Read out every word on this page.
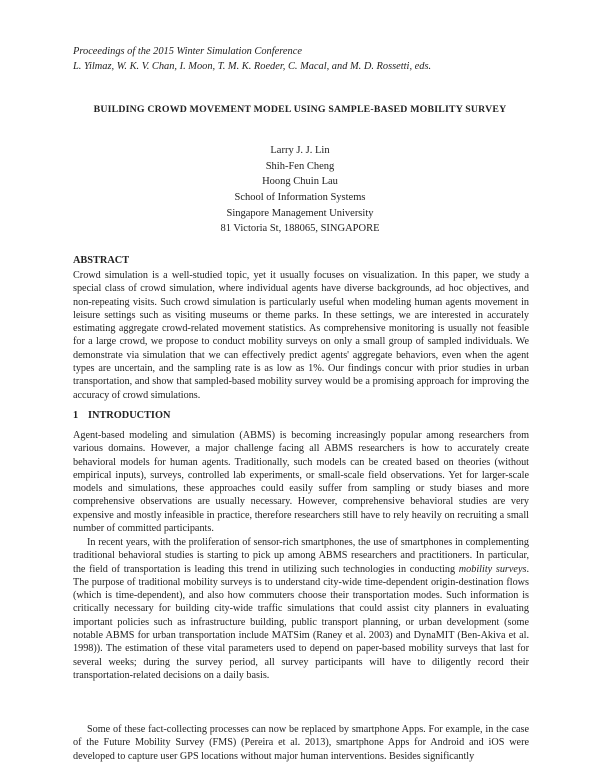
Proceedings of the 2015 Winter Simulation Conference
L. Yilmaz, W. K. V. Chan, I. Moon, T. M. K. Roeder, C. Macal, and M. D. Rossetti, eds.
BUILDING CROWD MOVEMENT MODEL USING SAMPLE-BASED MOBILITY SURVEY
Larry J. J. Lin
Shih-Fen Cheng
Hoong Chuin Lau
School of Information Systems
Singapore Management University
81 Victoria St, 188065, SINGAPORE
ABSTRACT

Crowd simulation is a well-studied topic, yet it usually focuses on visualization. In this paper, we study a special class of crowd simulation, where individual agents have diverse backgrounds, ad hoc objectives, and non-repeating visits. Such crowd simulation is particularly useful when modeling human agents movement in leisure settings such as visiting museums or theme parks. In these settings, we are interested in accurately estimating aggregate crowd-related movement statistics. As comprehensive monitoring is usually not feasible for a large crowd, we propose to conduct mobility surveys on only a small group of sampled individuals. We demonstrate via simulation that we can effectively predict agents' aggregate behaviors, even when the agent types are uncertain, and the sampling rate is as low as 1%. Our findings concur with prior studies in urban transportation, and show that sampled-based mobility survey would be a promising approach for improving the accuracy of crowd simulations.

1 INTRODUCTION

Agent-based modeling and simulation (ABMS) is becoming increasingly popular among researchers from various domains. However, a major challenge facing all ABMS researchers is how to accurately create behavioral models for human agents. Traditionally, such models can be created based on theories (without empirical inputs), surveys, controlled lab experiments, or small-scale field observations. Yet for larger-scale models and simulations, these approaches could easily suffer from sampling or study biases and more comprehensive observations are usually necessary. However, comprehensive behavioral studies are very expensive and mostly infeasible in practice, therefore researchers still have to rely heavily on recruiting a small number of committed participants.

In recent years, with the proliferation of sensor-rich smartphones, the use of smartphones in complementing traditional behavioral studies is starting to pick up among ABMS researchers and practitioners. In particular, the field of transportation is leading this trend in utilizing such technologies in conducting mobility surveys. The purpose of traditional mobility surveys is to understand city-wide time-dependent origin-destination flows (which is time-dependent), and also how commuters choose their transportation modes. Such information is critically necessary for building city-wide traffic simulations that could assist city planners in evaluating important policies such as infrastructure building, public transport planning, or urban development (some notable ABMS for urban transportation include MATSim (Raney et al. 2003) and DynaMIT (Ben-Akiva et al. 1998)). The estimation of these vital parameters used to depend on paper-based mobility surveys that last for several weeks; during the survey period, all survey participants will have to diligently record their transportation-related decisions on a daily basis.

Some of these fact-collecting processes can now be replaced by smartphone Apps. For example, in the case of the Future Mobility Survey (FMS) (Pereira et al. 2013), smartphone Apps for Android and iOS were developed to capture user GPS locations without major human interventions. Besides significantly
